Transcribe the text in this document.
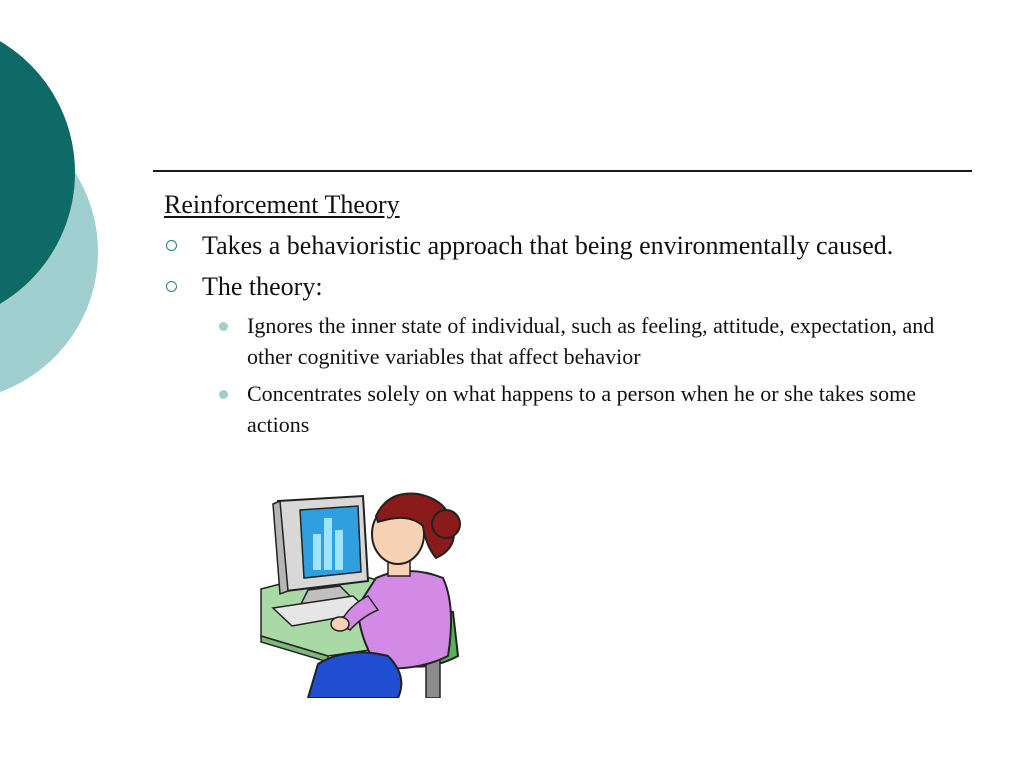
Reinforcement Theory

Takes a behavioristic approach that being environmentally caused.
The theory:
Ignores the inner state of individual, such as feeling, attitude, expectation, and other cognitive variables that affect behavior
Concentrates solely on what happens to a person when he or she takes some actions
